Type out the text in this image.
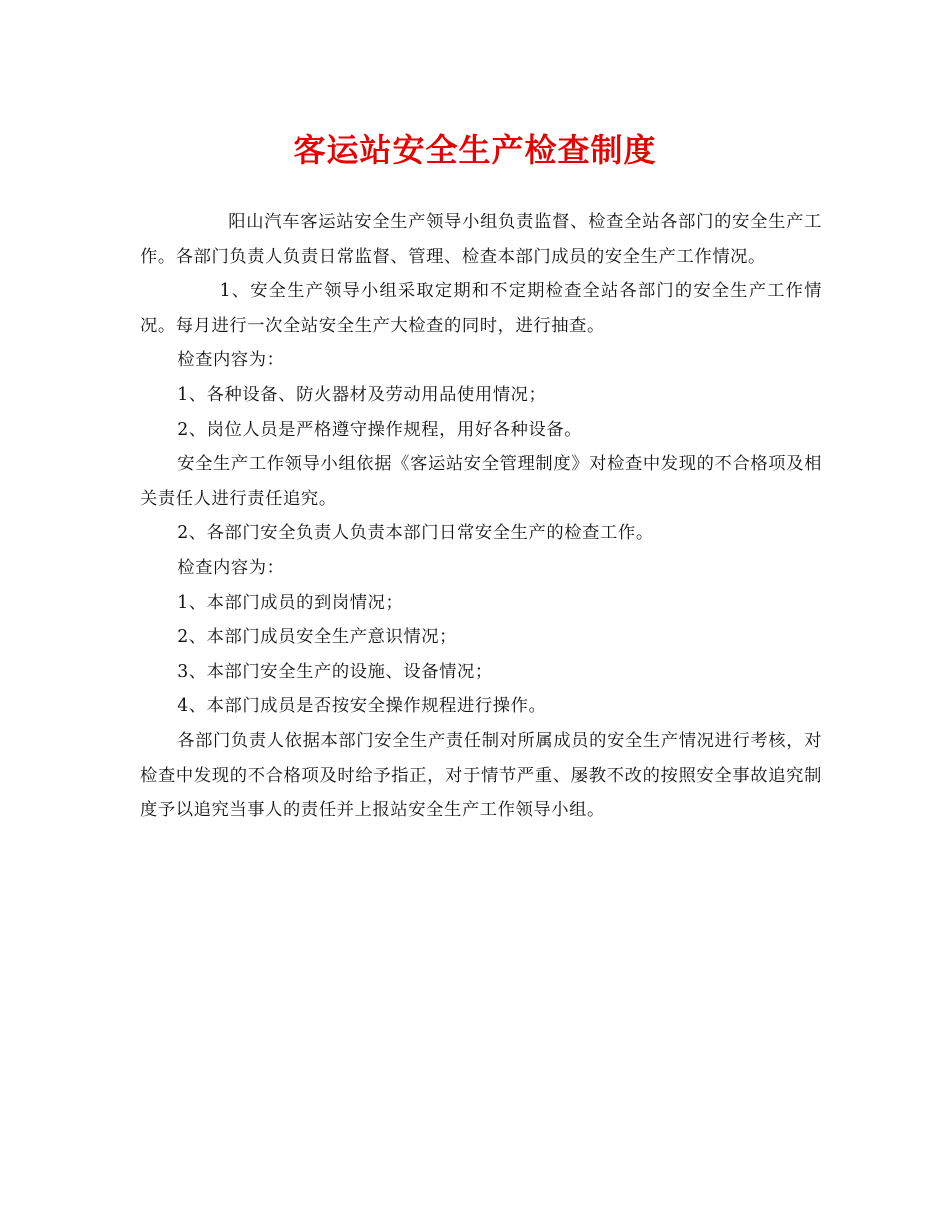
客运站安全生产检查制度

阳山汽车客运站安全生产领导小组负责监督、检查全站各部门的安全生产工作。各部门负责人负责日常监督、管理、检查本部门成员的安全生产工作情况。

1、安全生产领导小组采取定期和不定期检查全站各部门的安全生产工作情况。每月进行一次全站安全生产大检查的同时，进行抽查。

检查内容为：

1、各种设备、防火器材及劳动用品使用情况；

2、岗位人员是严格遵守操作规程，用好各种设备。

安全生产工作领导小组依据《客运站安全管理制度》对检查中发现的不合格项及相关责任人进行责任追究。

2、各部门安全负责人负责本部门日常安全生产的检查工作。

检查内容为：

1、本部门成员的到岗情况；

2、本部门成员安全生产意识情况；

3、本部门安全生产的设施、设备情况；

4、本部门成员是否按安全操作规程进行操作。

各部门负责人依据本部门安全生产责任制对所属成员的安全生产情况进行考核，对检查中发现的不合格项及时给予指正，对于情节严重、屡教不改的按照安全事故追究制度予以追究当事人的责任并上报站安全生产工作领导小组。
